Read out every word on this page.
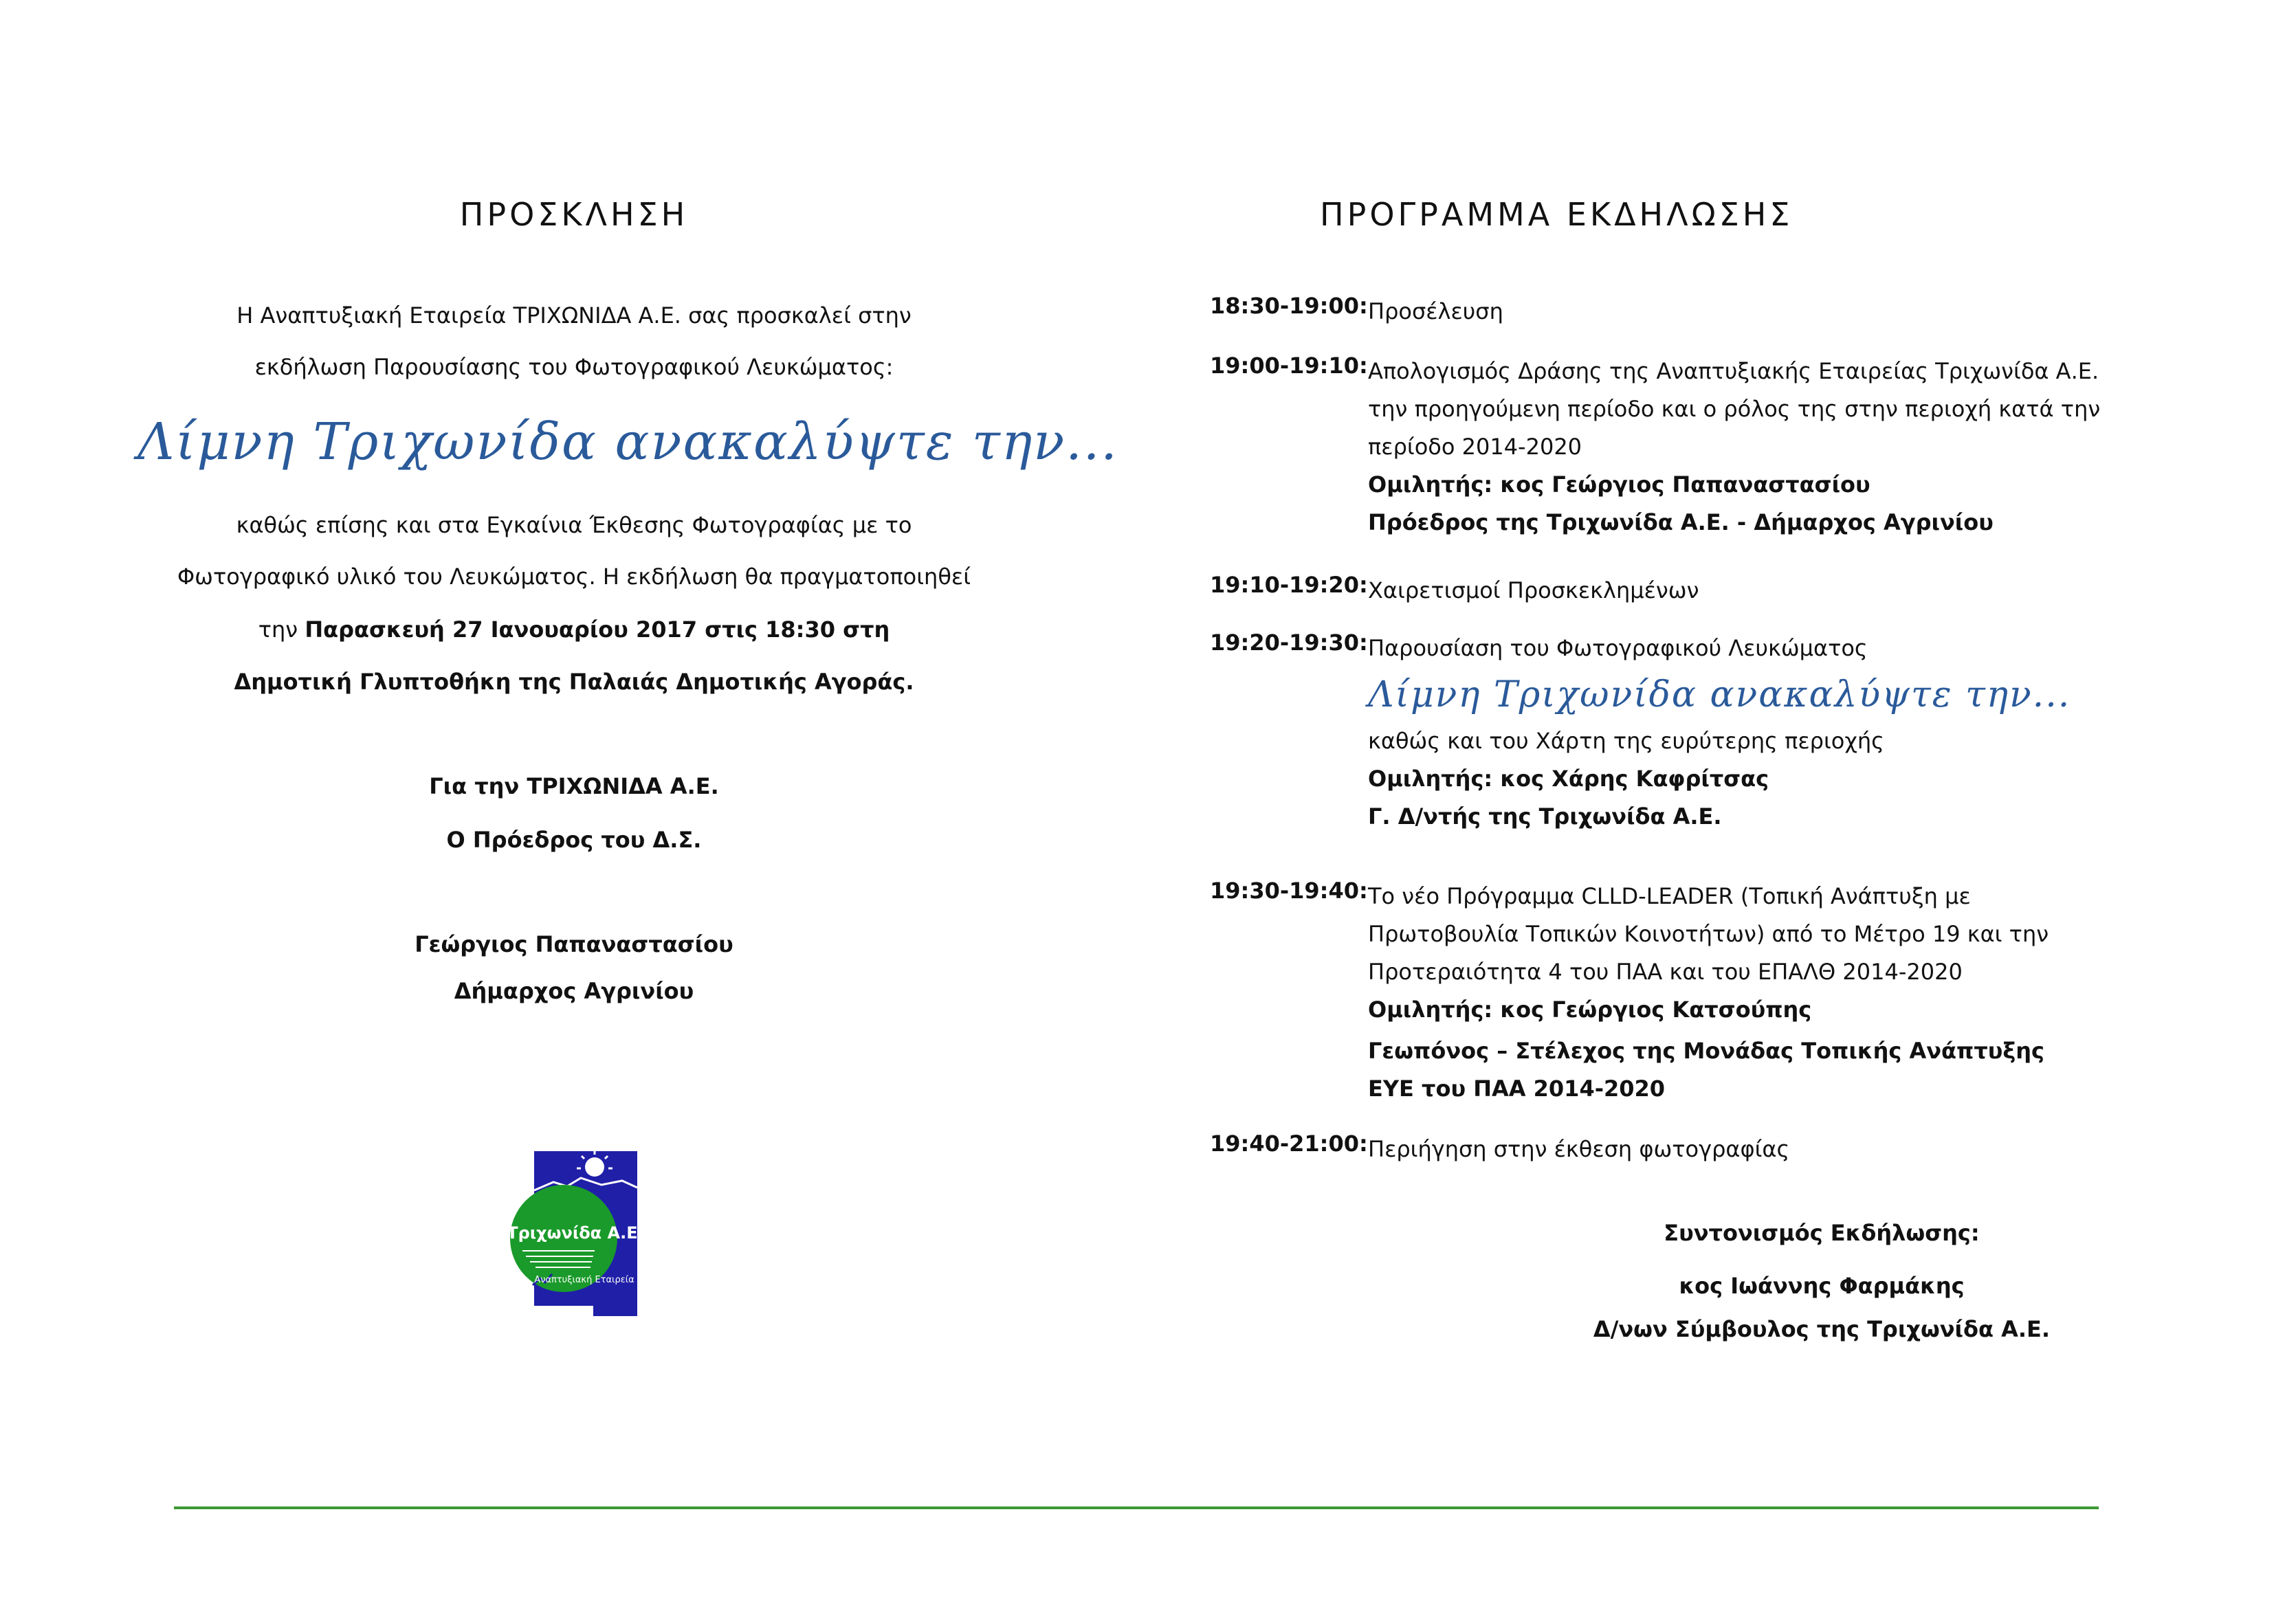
ΠΡΟΣΚΛΗΣΗ
Η Αναπτυξιακή Εταιρεία ΤΡΙΧΩΝΙΔΑ Α.Ε. σας προσκαλεί στην
εκδήλωση Παρουσίασης του Φωτογραφικού Λευκώματος:
Λίμνη Τριχωνίδα ανακαλύψτε την...
καθώς επίσης και στα Εγκαίνια Έκθεσης Φωτογραφίας με το
Φωτογραφικό υλικό του Λευκώματος. Η εκδήλωση θα πραγματοποιηθεί
την Παρασκευή 27 Ιανουαρίου 2017 στις 18:30 στη
Δημοτική Γλυπτοθήκη της Παλαιάς Δημοτικής Αγοράς.
Για την ΤΡΙΧΩΝΙΔΑ Α.Ε.
Ο Πρόεδρος του Δ.Σ.
Γεώργιος Παπαναστασίου
Δήμαρχος Αγρινίου
Τριχωνίδα Α.Ε.
Αναπτυξιακή Εταιρεία
ΠΡΟΓΡΑΜΜΑ ΕΚΔΗΛΩΣΗΣ
18:30-19:00: Προσέλευση
19:00-19:10: Απολογισμός Δράσης της Αναπτυξιακής Εταιρείας Τριχωνίδα Α.Ε.
την προηγούμενη περίοδο και ο ρόλος της στην περιοχή κατά την
περίοδο 2014-2020
Ομιλητής: κος Γεώργιος Παπαναστασίου
Πρόεδρος της Τριχωνίδα Α.Ε. - Δήμαρχος Αγρινίου
19:10-19:20: Χαιρετισμοί Προσκεκλημένων
19:20-19:30: Παρουσίαση του Φωτογραφικού Λευκώματος
Λίμνη Τριχωνίδα ανακαλύψτε την...
καθώς και του Χάρτη της ευρύτερης περιοχής
Ομιλητής: κος Χάρης Καφρίτσας
Γ. Δ/ντής της Τριχωνίδα Α.Ε.
19:30-19:40: Το νέο Πρόγραμμα CLLD-LEADER (Τοπική Ανάπτυξη με
Πρωτοβουλία Τοπικών Κοινοτήτων) από το Μέτρο 19 και την
Προτεραιότητα 4 του ΠΑΑ και του ΕΠΑΛΘ 2014-2020
Ομιλητής: κος Γεώργιος Κατσούπης
Γεωπόνος – Στέλεχος της Μονάδας Τοπικής Ανάπτυξης
ΕΥΕ του ΠΑΑ 2014-2020
19:40-21:00: Περιήγηση στην έκθεση φωτογραφίας
Συντονισμός Εκδήλωσης:
κος Ιωάννης Φαρμάκης
Δ/νων Σύμβουλος της Τριχωνίδα Α.Ε.
